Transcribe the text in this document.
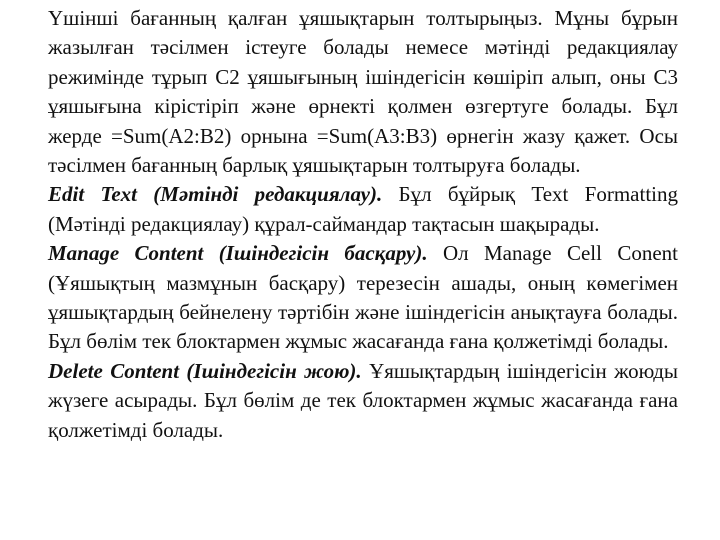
Үшінші бағанның қалған ұяшықтарын толтырыңыз. Мұны бұрын жазылған тәсілмен істеуге болады немесе мәтінді редакциялау режимінде тұрып С2 ұяшығының ішіндегісін көшіріп алып, оны С3 ұяшығына кірістіріп және өрнекті қолмен өзгертуге болады. Бұл жерде =Sum(A2:B2) орнына =Sum(A3:B3) өрнегін жазу қажет. Осы тәсілмен бағанның барлық ұяшықтарын толтыруға болады.

Edit Text (Мәтінді редакциялау). Бұл бұйрық Text Formatting (Мәтінді редакциялау) құрал-саймандар тақтасын шақырады.

Manage Content (Ішіндегісін басқару). Ол Manage Cell Conent (Ұяшықтың мазмұнын басқару) терезесін ашады, оның көмегімен ұяшықтардың бейнелену тәртібін және ішіндегісін анықтауға болады. Бұл бөлім тек блоктармен жұмыс жасағанда ғана қолжетімді болады.

Delete Content (Ішіндегісін жою). Ұяшықтардың ішіндегісін жоюды жүзеге асырады. Бұл бөлім де тек блоктармен жұмыс жасағанда ғана қолжетімді болады.
